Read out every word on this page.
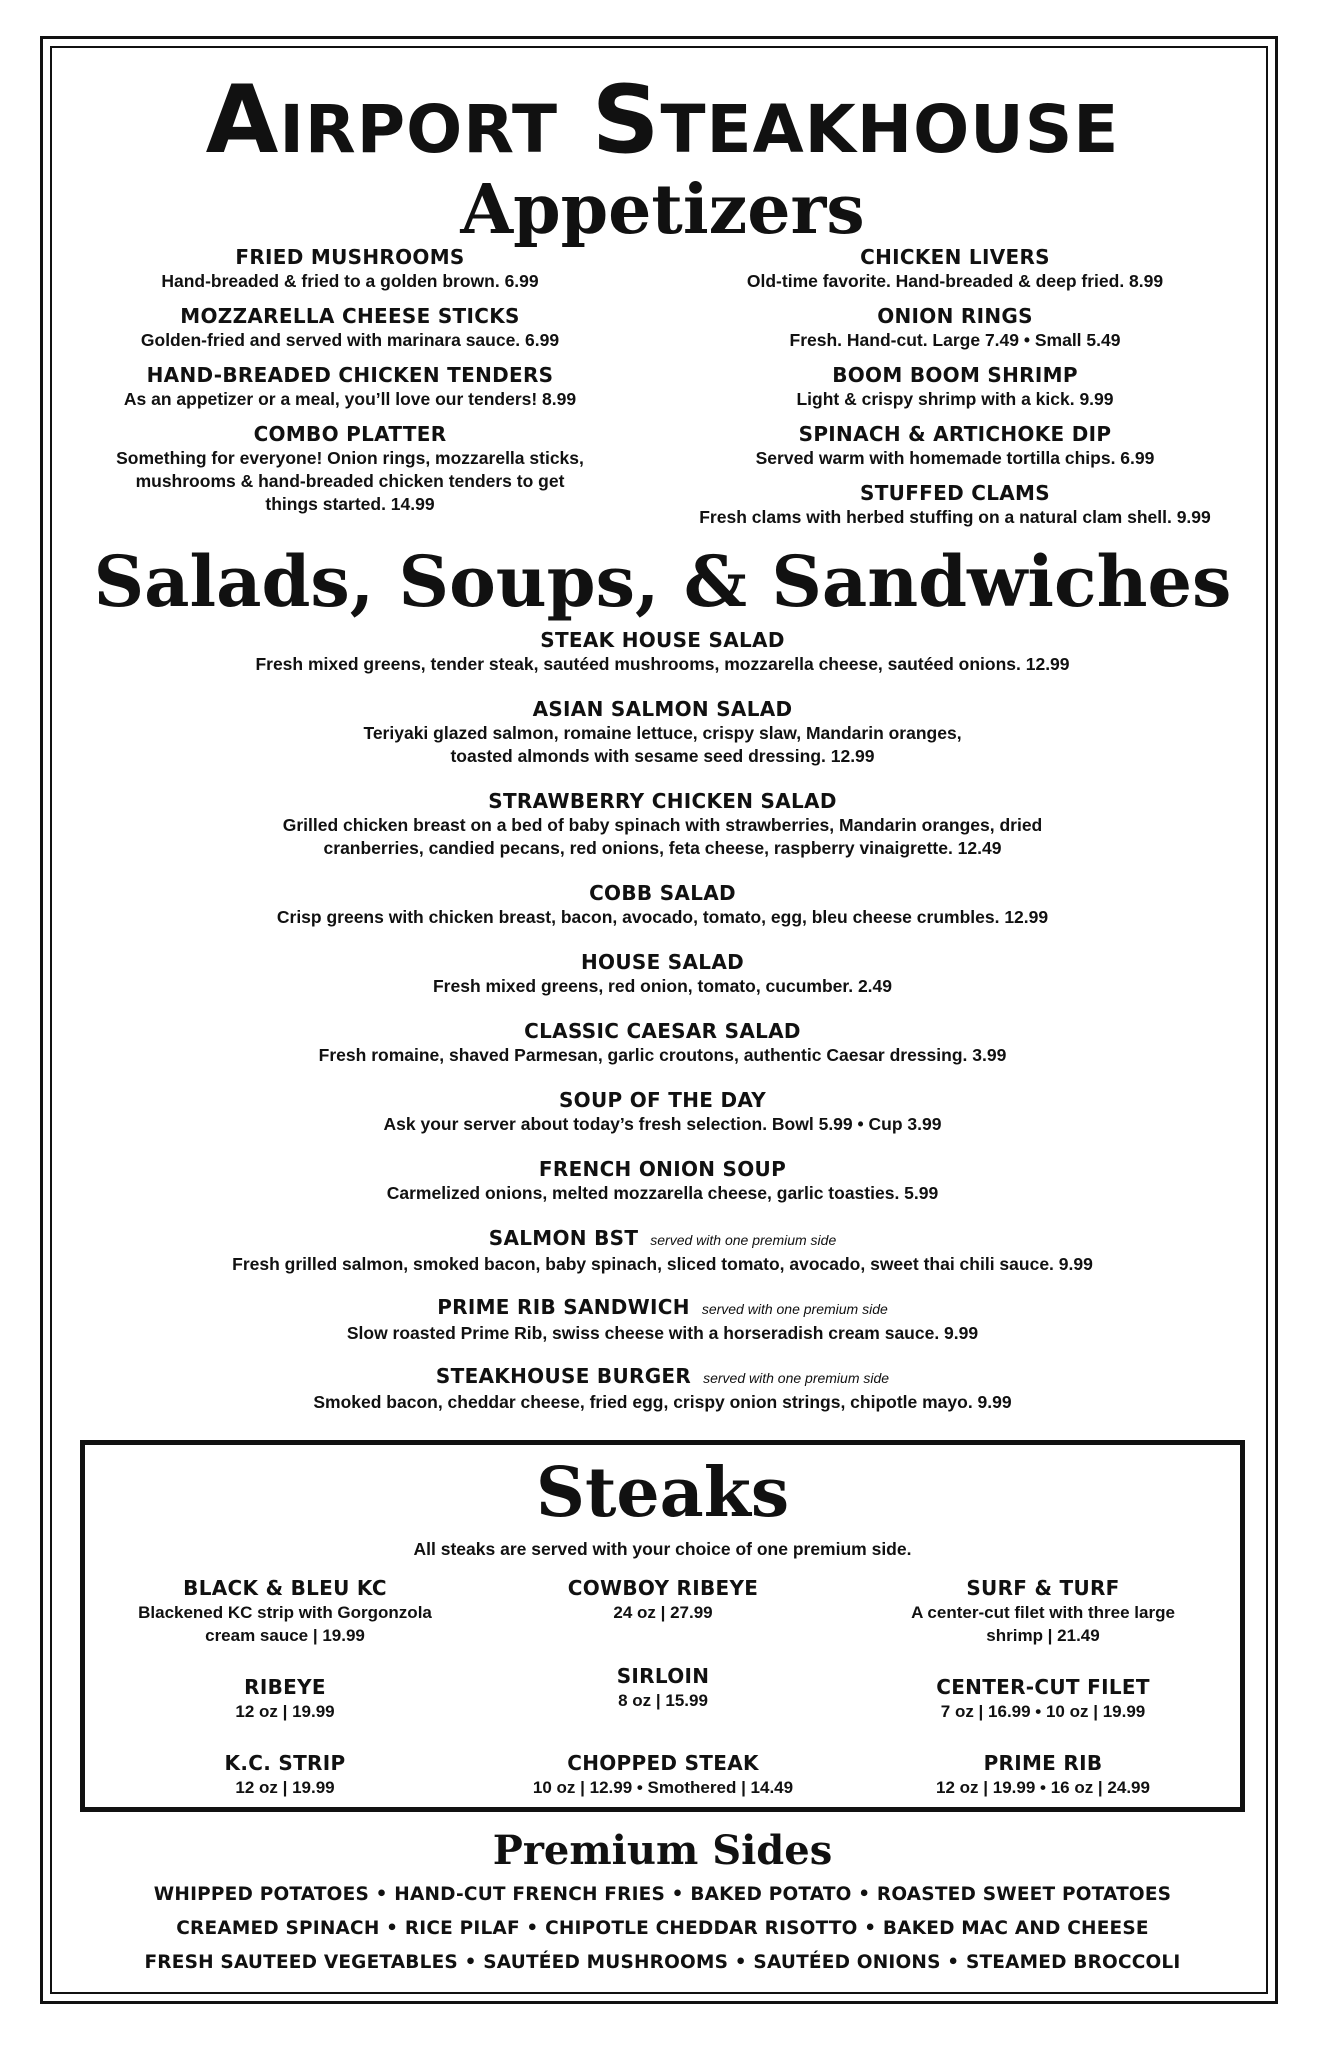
Airport Steakhouse
Appetizers
FRIED MUSHROOMS
Hand-breaded & fried to a golden brown. 6.99
MOZZARELLA CHEESE STICKS
Golden-fried and served with marinara sauce. 6.99
HAND-BREADED CHICKEN TENDERS
As an appetizer or a meal, you’ll love our tenders! 8.99
COMBO PLATTER
Something for everyone! Onion rings, mozzarella sticks, mushrooms & hand-breaded chicken tenders to get things started. 14.99
CHICKEN LIVERS
Old-time favorite. Hand-breaded & deep fried. 8.99
ONION RINGS
Fresh. Hand-cut. Large 7.49 • Small 5.49
BOOM BOOM SHRIMP
Light & crispy shrimp with a kick. 9.99
SPINACH & ARTICHOKE DIP
Served warm with homemade tortilla chips. 6.99
STUFFED CLAMS
Fresh clams with herbed stuffing on a natural clam shell. 9.99
Salads, Soups, & Sandwiches
STEAK HOUSE SALAD
Fresh mixed greens, tender steak, sautéed mushrooms, mozzarella cheese, sautéed onions. 12.99
ASIAN SALMON SALAD
Teriyaki glazed salmon, romaine lettuce, crispy slaw, Mandarin oranges, toasted almonds with sesame seed dressing. 12.99
STRAWBERRY CHICKEN SALAD
Grilled chicken breast on a bed of baby spinach with strawberries, Mandarin oranges, dried cranberries, candied pecans, red onions, feta cheese, raspberry vinaigrette. 12.49
COBB SALAD
Crisp greens with chicken breast, bacon, avocado, tomato, egg, bleu cheese crumbles. 12.99
HOUSE SALAD
Fresh mixed greens, red onion, tomato, cucumber. 2.49
CLASSIC CAESAR SALAD
Fresh romaine, shaved Parmesan, garlic croutons, authentic Caesar dressing. 3.99
SOUP OF THE DAY
Ask your server about today’s fresh selection. Bowl 5.99 • Cup 3.99
FRENCH ONION SOUP
Carmelized onions, melted mozzarella cheese, garlic toasties. 5.99
SALMON BST served with one premium side
Fresh grilled salmon, smoked bacon, baby spinach, sliced tomato, avocado, sweet thai chili sauce. 9.99
PRIME RIB SANDWICH served with one premium side
Slow roasted Prime Rib, swiss cheese with a horseradish cream sauce. 9.99
STEAKHOUSE BURGER served with one premium side
Smoked bacon, cheddar cheese, fried egg, crispy onion strings, chipotle mayo. 9.99
Steaks
All steaks are served with your choice of one premium side.
BLACK & BLEU KC
Blackened KC strip with Gorgonzola cream sauce | 19.99
COWBOY RIBEYE
24 oz | 27.99
SURF & TURF
A center-cut filet with three large shrimp | 21.49
RIBEYE
12 oz | 19.99
SIRLOIN
8 oz | 15.99
CENTER-CUT FILET
7 oz | 16.99 • 10 oz | 19.99
K.C. STRIP
12 oz | 19.99
CHOPPED STEAK
10 oz | 12.99 • Smothered | 14.49
PRIME RIB
12 oz | 19.99 • 16 oz | 24.99
Premium Sides
WHIPPED POTATOES • HAND-CUT FRENCH FRIES • BAKED POTATO • ROASTED SWEET POTATOES
CREAMED SPINACH • RICE PILAF • CHIPOTLE CHEDDAR RISOTTO • BAKED MAC AND CHEESE
FRESH SAUTEED VEGETABLES • SAUTÉED MUSHROOMS • SAUTÉED ONIONS • STEAMED BROCCOLI
